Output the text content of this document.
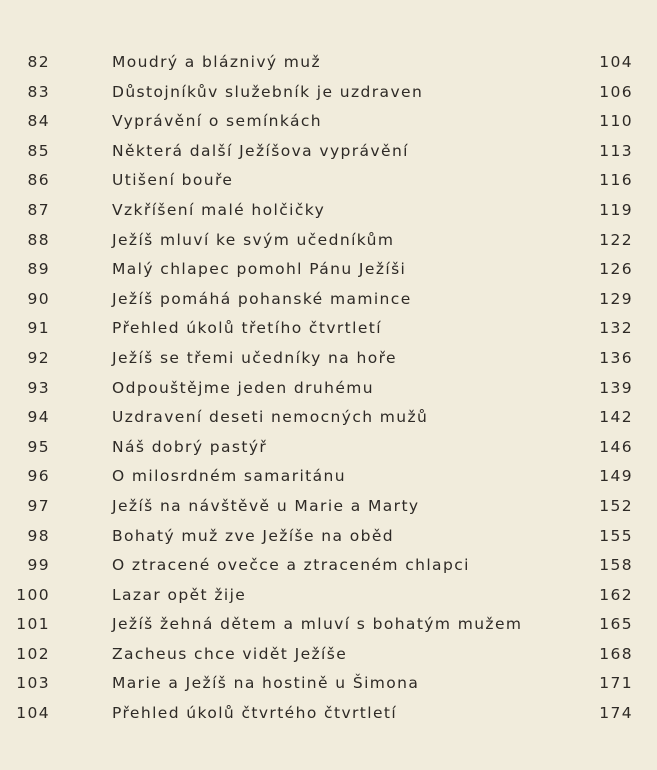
82	Moudrý a bláznivý muž	104
83	Důstojníkův služebník je uzdraven	106
84	Vyprávění o semínkách	110
85	Některá další Ježíšova vyprávění	113
86	Utišení bouře	116
87	Vzkříšení malé holčičky	119
88	Ježíš mluví ke svým učedníkům	122
89	Malý chlapec pomohl Pánu Ježíši	126
90	Ježíš pomáhá pohanské mamince	129
91	Přehled úkolů třetího čtvrtletí	132
92	Ježíš se třemi učedníky na hoře	136
93	Odpouštějme jeden druhému	139
94	Uzdravení deseti nemocných mužů	142
95	Náš dobrý pastýř	146
96	O milosrdném samaritánu	149
97	Ježíš na návštěvě u Marie a Marty	152
98	Bohatý muž zve Ježíše na oběd	155
99	O ztracené ovečce a ztraceném chlapci	158
100	Lazar opět žije	162
101	Ježíš žehná dětem a mluví s bohatým mužem	165
102	Zacheus chce vidět Ježíše	168
103	Marie a Ježíš na hostině u Šimona	171
104	Přehled úkolů čtvrtého čtvrtletí	174
